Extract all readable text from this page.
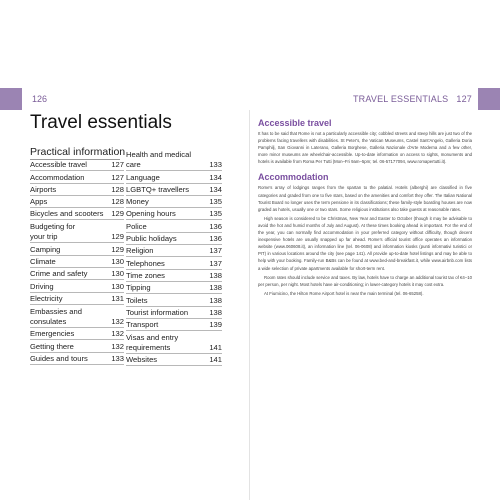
126	TRAVEL ESSENTIALS 127
Travel essentials
Practical information
Accessible travel	127
Accommodation	127
Airports	128
Apps	128
Bicycles and scooters 129
Budgeting for
your trip	129
Camping	129
Climate	130
Crime and safety	130
Driving	130
Electricity	131
Embassies and
consulates	132
Emergencies	132
Getting there	132
Guides and tours	133
Health and medical care	133
Language	134
LGBTQ+ travellers	134
Money	135
Opening hours	135
Police	136
Public holidays	136
Religion	137
Telephones	137
Time zones	138
Tipping	138
Toilets	138
Tourist information	138
Transport	139
Visas and entry
requirements	141
Websites	141
Accessible travel

It has to be said that Rome is not a particularly accessible city; cobbled streets and steep hills are just two of the problems facing travellers with disabilities. St Peter's, the Vatican Museums, Castel Sant'Angelo, Galleria Doria Pamphilj, San Giovanni in Laterano, Galleria Borghese, Galleria Nazionale d'Arte Moderna and a few other, more minor museums are wheelchair-accessible. Up-to-date information on access to sights, monuments and hotels is available from Roma Per Tutti (Mon–Fri 9am–5pm; tel. 06-57177094, www.romapertutti.it).

Accommodation

Rome's array of lodgings ranges from the spartan to the palatial. Hotels (alberghi) are classified in five categories and graded from one to five stars, based on the amenities and comfort they offer. The Italian National Tourist Board no longer uses the term pensione in its classifications; these family-style boarding houses are now graded as hotels, usually one or two stars. Some religious institutions also take guests at reasonable rates.

High season is considered to be Christmas, New Year and Easter to October (though it may be advisable to avoid the hot and humid months of July and August). At these times booking ahead is important. For the end of the year, you can normally find accommodation in your preferred category without difficulty, though decent inexpensive hotels are usually snapped up far ahead. Rome's official tourist office operates an information website (www.060608.it), an information line (tel. 06-0608) and information kiosks (punti informativi turistici or PIT) in various locations around the city (see page 141). All provide up-to-date hotel listings and may be able to help with your booking. Family-run B&Bs can be found at www.bed-and-breakfast.it, while www.airbnb.com lists a wide selection of private apartments available for short-term rent.

Room rates should include service and taxes. By law, hotels have to charge an additional tourist tax of €4–10 per person, per night. Most hotels have air-conditioning; in lower-category hotels it may cost extra.

At Fiumicino, the Hilton Rome Airport hotel is near the main terminal (tel. 06-65258).
